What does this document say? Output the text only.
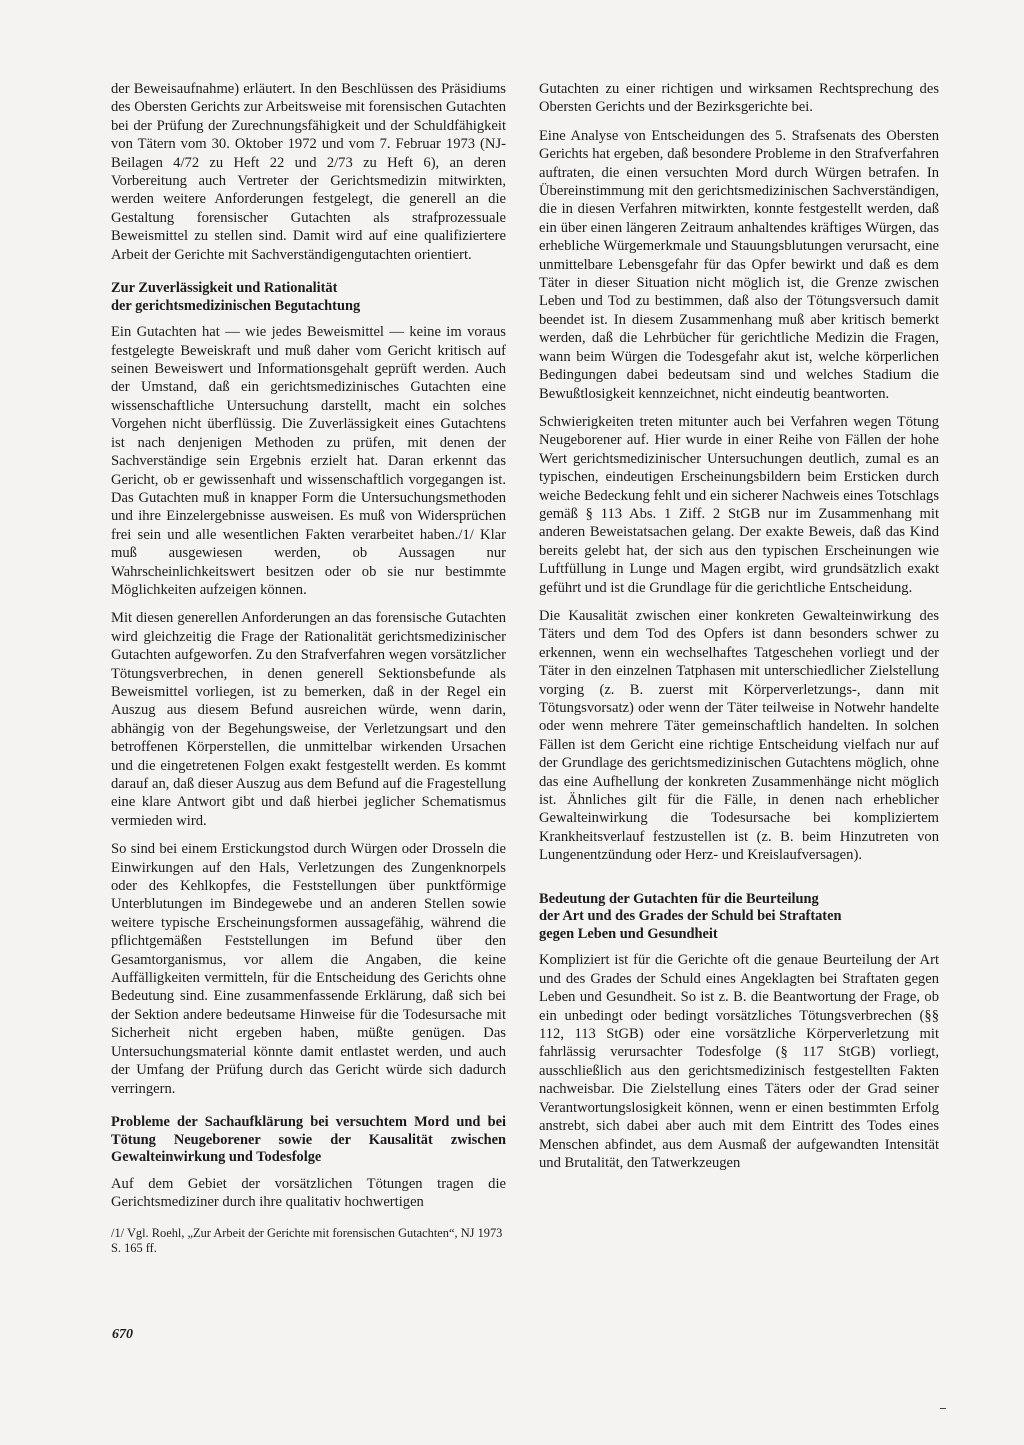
der Beweisaufnahme) erläutert. In den Beschlüssen des Präsidiums des Obersten Gerichts zur Arbeitsweise mit forensischen Gutachten bei der Prüfung der Zurechnungsfähigkeit und der Schuldfähigkeit von Tätern vom 30. Oktober 1972 und vom 7. Februar 1973 (NJ-Beilagen 4/72 zu Heft 22 und 2/73 zu Heft 6), an deren Vorbereitung auch Vertreter der Gerichtsmedizin mitwirkten, werden weitere Anforderungen festgelegt, die generell an die Gestaltung forensischer Gutachten als strafprozessuale Beweismittel zu stellen sind. Damit wird auf eine qualifiziertere Arbeit der Gerichte mit Sachverständigengutachten orientiert.

Zur Zuverlässigkeit und Rationalität
der gerichtsmedizinischen Begutachtung

Ein Gutachten hat — wie jedes Beweismittel — keine im voraus festgelegte Beweiskraft und muß daher vom Gericht kritisch auf seinen Beweiswert und Informationsgehalt geprüft werden. Auch der Umstand, daß ein gerichtsmedizinisches Gutachten eine wissenschaftliche Untersuchung darstellt, macht ein solches Vorgehen nicht überflüssig. Die Zuverlässigkeit eines Gutachtens ist nach denjenigen Methoden zu prüfen, mit denen der Sachverständige sein Ergebnis erzielt hat. Daran erkennt das Gericht, ob er gewissenhaft und wissenschaftlich vorgegangen ist. Das Gutachten muß in knapper Form die Untersuchungsmethoden und ihre Einzelergebnisse ausweisen. Es muß von Widersprüchen frei sein und alle wesentlichen Fakten verarbeitet haben./1/ Klar muß ausgewiesen werden, ob Aussagen nur Wahrscheinlichkeitswert besitzen oder ob sie nur bestimmte Möglichkeiten aufzeigen können.

Mit diesen generellen Anforderungen an das forensische Gutachten wird gleichzeitig die Frage der Rationalität gerichtsmedizinischer Gutachten aufgeworfen. Zu den Strafverfahren wegen vorsätzlicher Tötungsverbrechen, in denen generell Sektionsbefunde als Beweismittel vorliegen, ist zu bemerken, daß in der Regel ein Auszug aus diesem Befund ausreichen würde, wenn darin, abhängig von der Begehungsweise, der Verletzungsart und den betroffenen Körperstellen, die unmittelbar wirkenden Ursachen und die eingetretenen Folgen exakt festgestellt werden. Es kommt darauf an, daß dieser Auszug aus dem Befund auf die Fragestellung eine klare Antwort gibt und daß hierbei jeglicher Schematismus vermieden wird.

So sind bei einem Erstickungstod durch Würgen oder Drosseln die Einwirkungen auf den Hals, Verletzungen des Zungenknorpels oder des Kehlkopfes, die Feststellungen über punktförmige Unterblutungen im Bindegewebe und an anderen Stellen sowie weitere typische Erscheinungsformen aussagefähig, während die pflichtgemäßen Feststellungen im Befund über den Gesamtorganismus, vor allem die Angaben, die keine Auffälligkeiten vermitteln, für die Entscheidung des Gerichts ohne Bedeutung sind. Eine zusammenfassende Erklärung, daß sich bei der Sektion andere bedeutsame Hinweise für die Todesursache mit Sicherheit nicht ergeben haben, müßte genügen. Das Untersuchungsmaterial könnte damit entlastet werden, und auch der Umfang der Prüfung durch das Gericht würde sich dadurch verringern.

Probleme der Sachaufklärung bei versuchtem Mord und bei Tötung Neugeborener sowie der Kausalität zwischen Gewalteinwirkung und Todesfolge

Auf dem Gebiet der vorsätzlichen Tötungen tragen die Gerichtsmediziner durch ihre qualitativ hochwertigen

/1/ Vgl. Roehl, „Zur Arbeit der Gerichte mit forensischen Gutachten“, NJ 1973 S. 165 ff.

Gutachten zu einer richtigen und wirksamen Rechtsprechung des Obersten Gerichts und der Bezirksgerichte bei.

Eine Analyse von Entscheidungen des 5. Strafsenats des Obersten Gerichts hat ergeben, daß besondere Probleme in den Strafverfahren auftraten, die einen versuchten Mord durch Würgen betrafen. In Übereinstimmung mit den gerichtsmedizinischen Sachverständigen, die in diesen Verfahren mitwirkten, konnte festgestellt werden, daß ein über einen längeren Zeitraum anhaltendes kräftiges Würgen, das erhebliche Würgemerkmale und Stauungsblutungen verursacht, eine unmittelbare Lebensgefahr für das Opfer bewirkt und daß es dem Täter in dieser Situation nicht möglich ist, die Grenze zwischen Leben und Tod zu bestimmen, daß also der Tötungsversuch damit beendet ist. In diesem Zusammenhang muß aber kritisch bemerkt werden, daß die Lehrbücher für gerichtliche Medizin die Fragen, wann beim Würgen die Todesgefahr akut ist, welche körperlichen Bedingungen dabei bedeutsam sind und welches Stadium die Bewußtlosigkeit kennzeichnet, nicht eindeutig beantworten.

Schwierigkeiten treten mitunter auch bei Verfahren wegen Tötung Neugeborener auf. Hier wurde in einer Reihe von Fällen der hohe Wert gerichtsmedizinischer Untersuchungen deutlich, zumal es an typischen, eindeutigen Erscheinungsbildern beim Ersticken durch weiche Bedeckung fehlt und ein sicherer Nachweis eines Totschlags gemäß § 113 Abs. 1 Ziff. 2 StGB nur im Zusammenhang mit anderen Beweistatsachen gelang. Der exakte Beweis, daß das Kind bereits gelebt hat, der sich aus den typischen Erscheinungen wie Luftfüllung in Lunge und Magen ergibt, wird grundsätzlich exakt geführt und ist die Grundlage für die gerichtliche Entscheidung.

Die Kausalität zwischen einer konkreten Gewalteinwirkung des Täters und dem Tod des Opfers ist dann besonders schwer zu erkennen, wenn ein wechselhaftes Tatgeschehen vorliegt und der Täter in den einzelnen Tatphasen mit unterschiedlicher Zielstellung vorging (z. B. zuerst mit Körperverletzungs-, dann mit Tötungsvorsatz) oder wenn der Täter teilweise in Notwehr handelte oder wenn mehrere Täter gemeinschaftlich handelten. In solchen Fällen ist dem Gericht eine richtige Entscheidung vielfach nur auf der Grundlage des gerichtsmedizinischen Gutachtens möglich, ohne das eine Aufhellung der konkreten Zusammenhänge nicht möglich ist. Ähnliches gilt für die Fälle, in denen nach erheblicher Gewalteinwirkung die Todesursache bei kompliziertem Krankheitsverlauf festzustellen ist (z. B. beim Hinzutreten von Lungenentzündung oder Herz- und Kreislaufversagen).

Bedeutung der Gutachten für die Beurteilung
der Art und des Grades der Schuld bei Straftaten
gegen Leben und Gesundheit

Kompliziert ist für die Gerichte oft die genaue Beurteilung der Art und des Grades der Schuld eines Angeklagten bei Straftaten gegen Leben und Gesundheit. So ist z. B. die Beantwortung der Frage, ob ein unbedingt oder bedingt vorsätzliches Tötungsverbrechen (§§ 112, 113 StGB) oder eine vorsätzliche Körperverletzung mit fahrlässig verursachter Todesfolge (§ 117 StGB) vorliegt, ausschließlich aus den gerichtsmedizinisch festgestellten Fakten nachweisbar. Die Zielstellung eines Täters oder der Grad seiner Verantwortungslosigkeit können, wenn er einen bestimmten Erfolg anstrebt, sich dabei aber auch mit dem Eintritt des Todes eines Menschen abfindet, aus dem Ausmaß der aufgewandten Intensität und Brutalität, den Tatwerkzeugen

670
